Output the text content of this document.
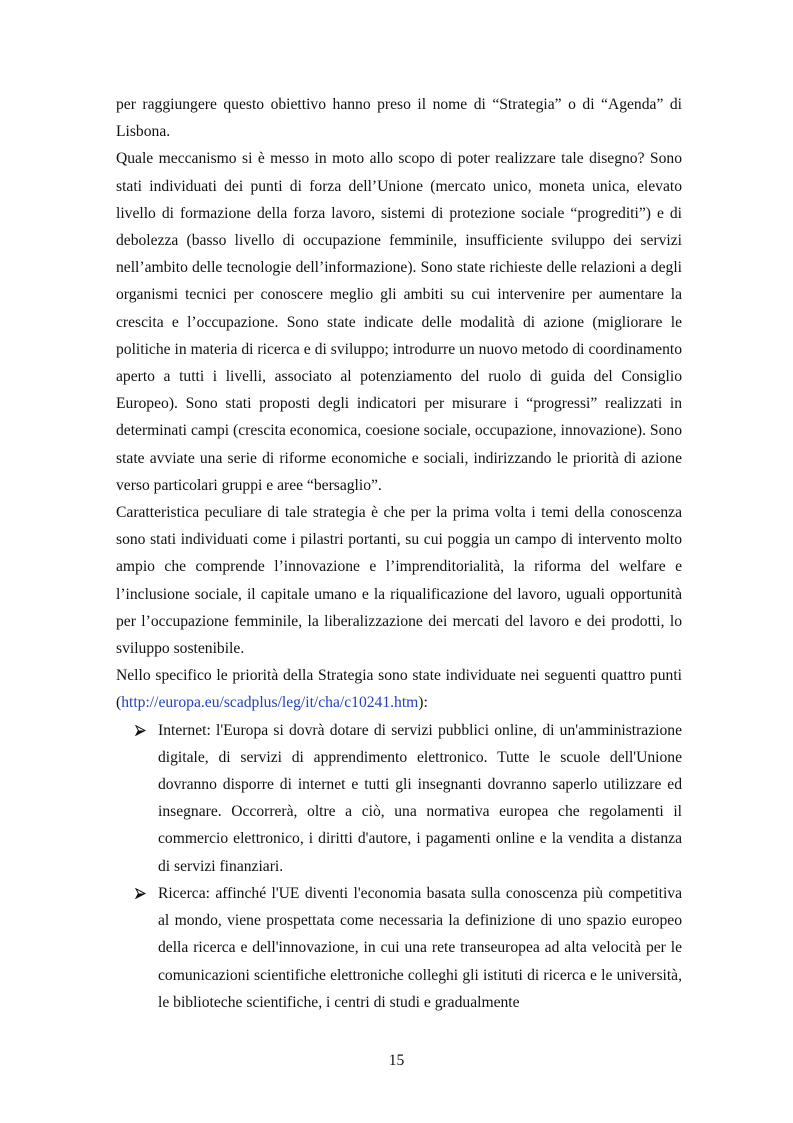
per raggiungere questo obiettivo hanno preso il nome di “Strategia” o di “Agenda” di Lisbona.

Quale meccanismo si è messo in moto allo scopo di poter realizzare tale disegno? Sono stati individuati dei punti di forza dell’Unione (mercato unico, moneta unica, elevato livello di formazione della forza lavoro, sistemi di protezione sociale “progrediti”) e di debolezza (basso livello di occupazione femminile, insufficiente sviluppo dei servizi nell’ambito delle tecnologie dell’informazione). Sono state richieste delle relazioni a degli organismi tecnici per conoscere meglio gli ambiti su cui intervenire per aumentare la crescita e l’occupazione. Sono state indicate delle modalità di azione (migliorare le politiche in materia di ricerca e di sviluppo; introdurre un nuovo metodo di coordinamento aperto a tutti i livelli, associato al potenziamento del ruolo di guida del Consiglio Europeo). Sono stati proposti degli indicatori per misurare i “progressi” realizzati in determinati campi (crescita economica, coesione sociale, occupazione, innovazione). Sono state avviate una serie di riforme economiche e sociali, indirizzando le priorità di azione verso particolari gruppi e aree “bersaglio”.

Caratteristica peculiare di tale strategia è che per la prima volta i temi della conoscenza sono stati individuati come i pilastri portanti, su cui poggia un campo di intervento molto ampio che comprende l’innovazione e l’imprenditorialità, la riforma del welfare e l’inclusione sociale, il capitale umano e la riqualificazione del lavoro, uguali opportunità per l’occupazione femminile, la liberalizzazione dei mercati del lavoro e dei prodotti, lo sviluppo sostenibile.

Nello specifico le priorità della Strategia sono state individuate nei seguenti quattro punti (http://europa.eu/scadplus/leg/it/cha/c10241.htm):

Internet: l'Europa si dovrà dotare di servizi pubblici online, di un'amministrazione digitale, di servizi di apprendimento elettronico. Tutte le scuole dell'Unione dovranno disporre di internet e tutti gli insegnanti dovranno saperlo utilizzare ed insegnare. Occorrerà, oltre a ciò, una normativa europea che regolamenti il commercio elettronico, i diritti d'autore, i pagamenti online e la vendita a distanza di servizi finanziari.
Ricerca: affinché l'UE diventi l'economia basata sulla conoscenza più competitiva al mondo, viene prospettata come necessaria la definizione di uno spazio europeo della ricerca e dell'innovazione, in cui una rete transeuropea ad alta velocità per le comunicazioni scientifiche elettroniche colleghi gli istituti di ricerca e le università, le biblioteche scientifiche, i centri di studi e gradualmente
15
